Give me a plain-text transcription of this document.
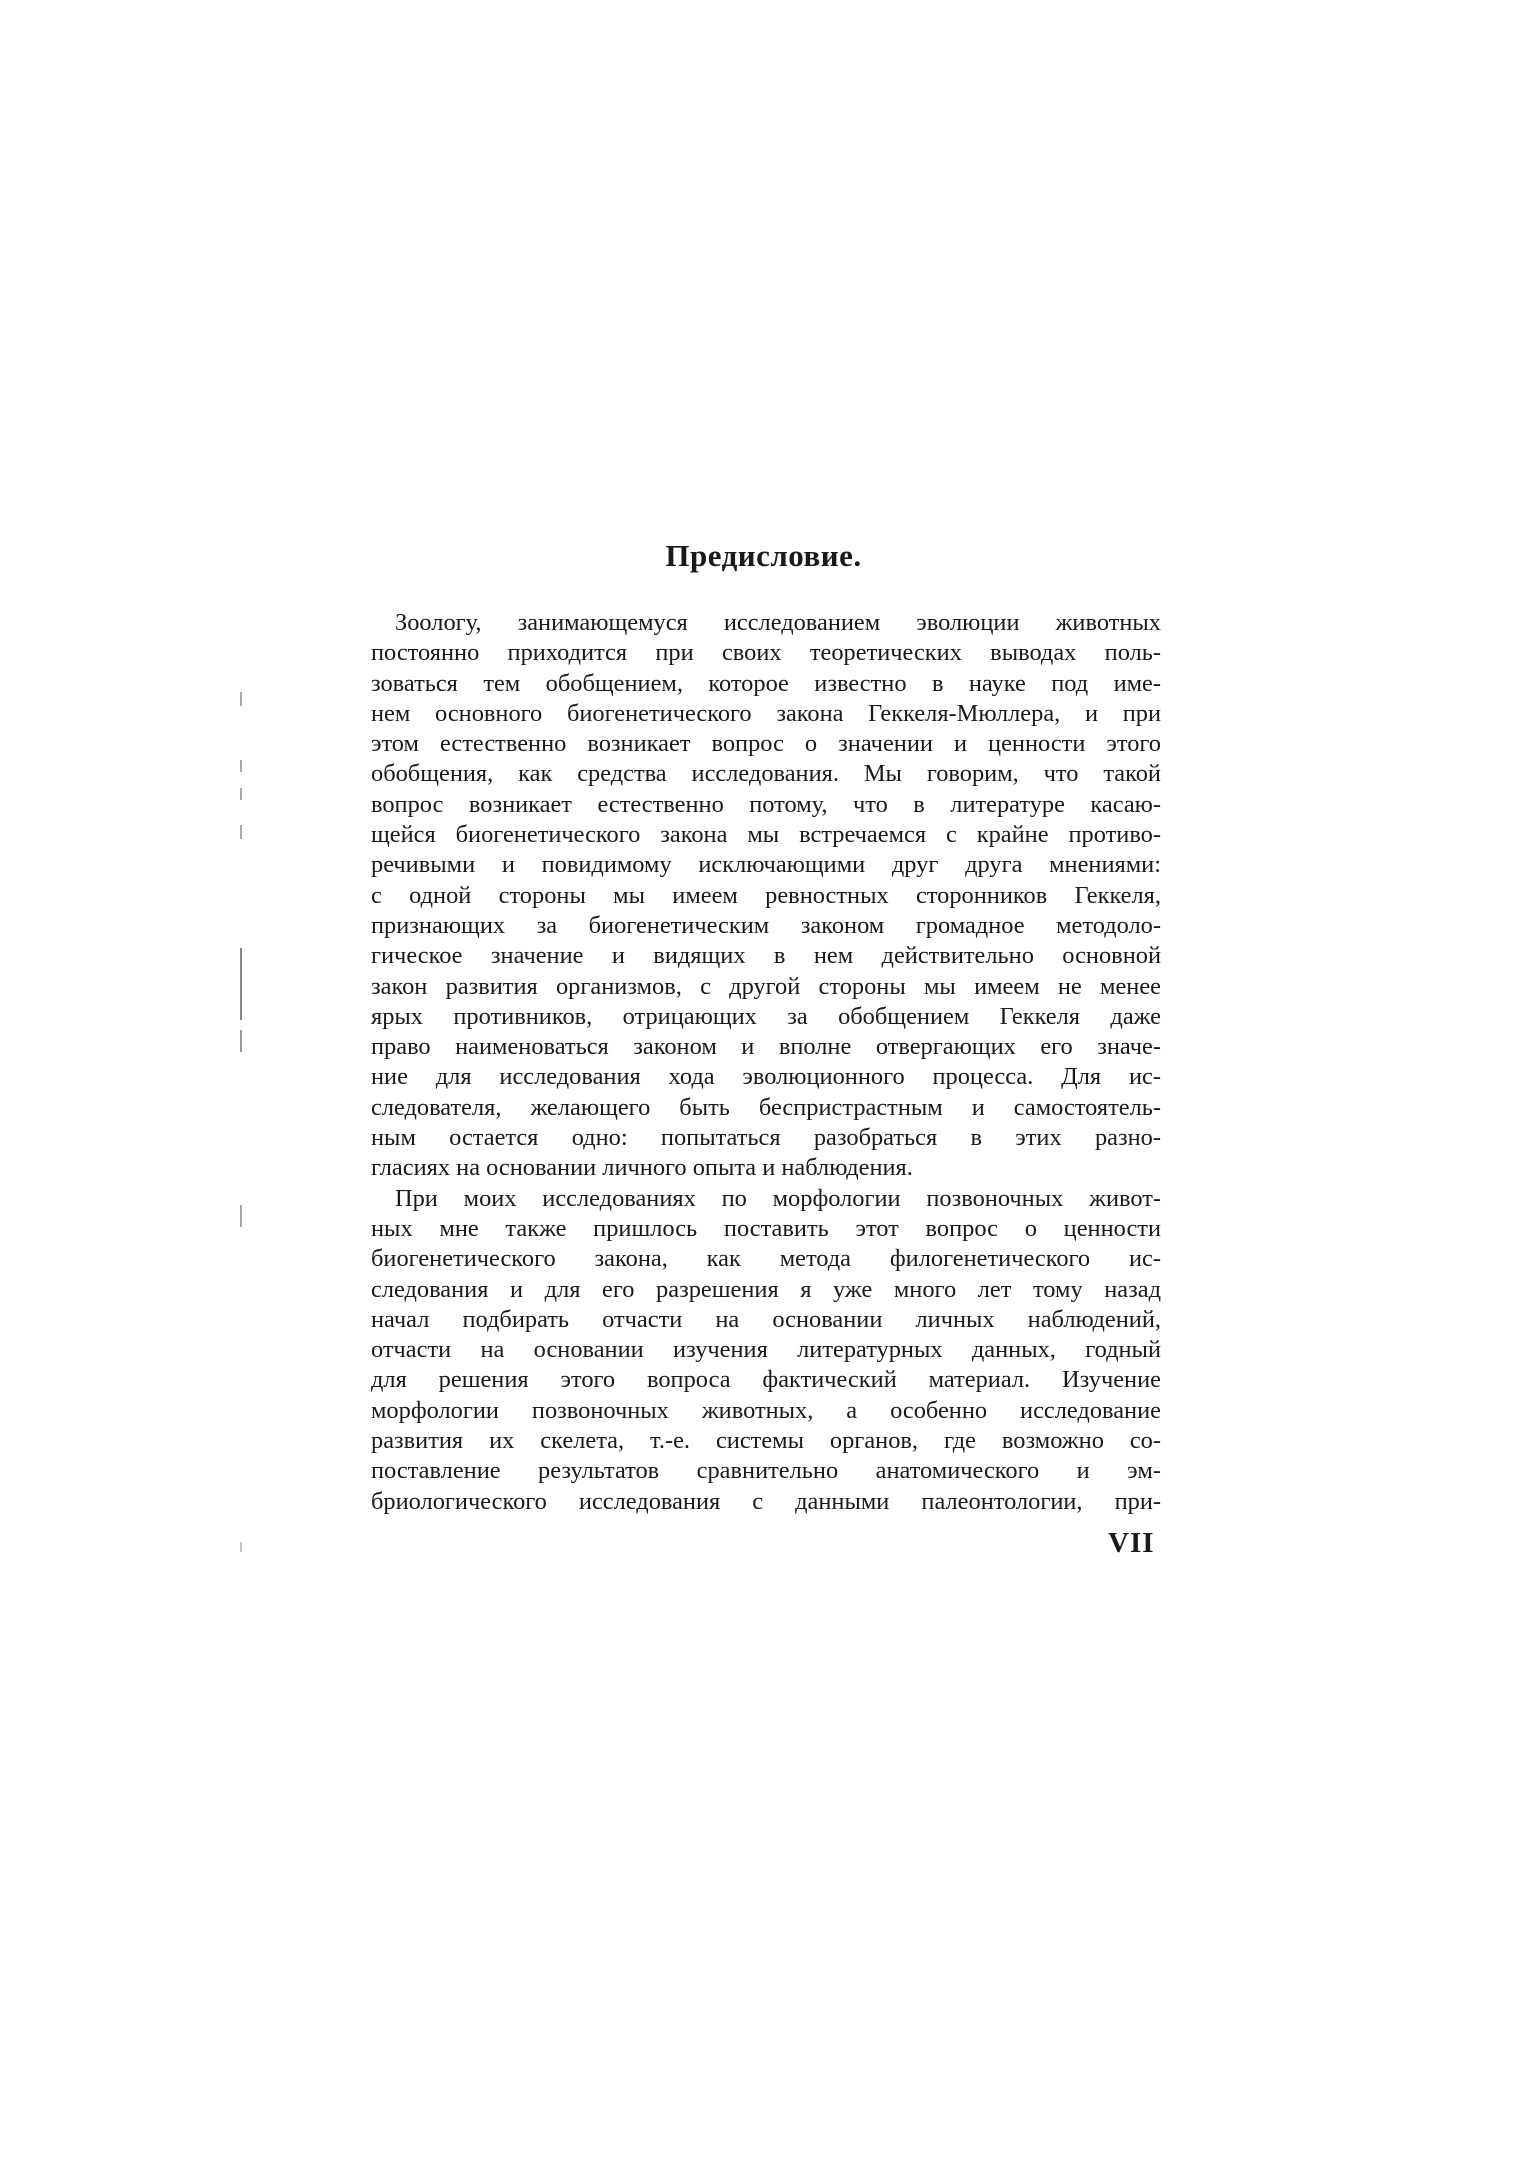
Предисловие.
Зоологу, занимающемуся исследованием эволюции животных
постоянно приходится при своих теоретических выводах поль-
зоваться тем обобщением, которое известно в науке под име-
нем основного биогенетического закона Геккеля-Мюллера, и при
этом естественно возникает вопрос о значении и ценности этого
обобщения, как средства исследования. Мы говорим, что такой
вопрос возникает естественно потому, что в литературе касаю-
щейся биогенетического закона мы встречаемся с крайне противо-
речивыми и повидимому исключающими друг друга мнениями:
с одной стороны мы имеем ревностных сторонников Геккеля,
признающих за биогенетическим законом громадное методоло-
гическое значение и видящих в нем действительно основной
закон развития организмов, с другой стороны мы имеем не менее
ярых противников, отрицающих за обобщением Геккеля даже
право наименоваться законом и вполне отвергающих его значе-
ние для исследования хода эволюционного процесса. Для ис-
следователя, желающего быть беспристрастным и самостоятель-
ным остается одно: попытаться разобраться в этих разно-
гласиях на основании личного опыта и наблюдения.
При моих исследованиях по морфологии позвоночных живот-
ных мне также пришлось поставить этот вопрос о ценности
биогенетического закона, как метода филогенетического ис-
следования и для его разрешения я уже много лет тому назад
начал подбирать отчасти на основании личных наблюдений,
отчасти на основании изучения литературных данных, годный
для решения этого вопроса фактический материал. Изучение
морфологии позвоночных животных, а особенно исследование
развития их скелета, т.-е. системы органов, где возможно со-
поставление результатов сравнительно анатомического и эм-
бриологического исследования с данными палеонтологии, при-
VII
